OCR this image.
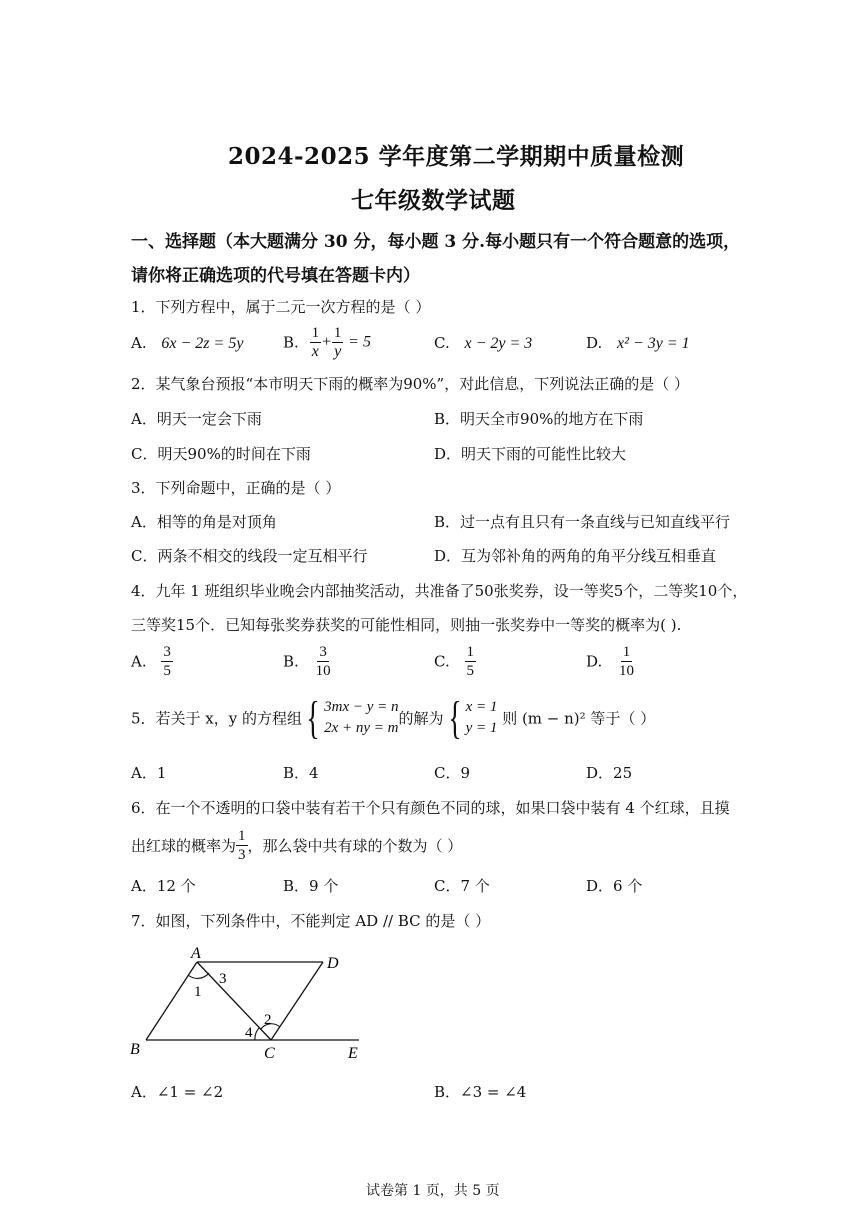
2024-2025 学年度第二学期期中质量检测
七年级数学试题
一、选择题（本大题满分 30 分，每小题 3 分.每小题只有一个符合题意的选项，
请你将正确选项的代号填在答题卡内）
1．下列方程中，属于二元一次方程的是（ ）
A. 6x − 2z = 5y	B. $\frac{1}{x} + \frac{1}{y} = 5$	C. x − 2y = 3	D. x² − 3y = 1
2．某气象台预报“本市明天下雨的概率为90%”，对此信息，下列说法正确的是（ ）
A．明天一定会下雨	B．明天全市90%的地方在下雨
C．明天90%的时间在下雨	D．明天下雨的可能性比较大
3．下列命题中，正确的是（ ）
A．相等的角是对顶角	B．过一点有且只有一条直线与已知直线平行
C．两条不相交的线段一定互相平行	D．互为邻补角的两角的角平分线互相垂直
4．九年 1 班组织毕业晚会内部抽奖活动，共准备了50张奖券，设一等奖5个，二等奖10个，
三等奖15个．已知每张奖券获奖的可能性相同，则抽一张奖券中一等奖的概率为( ).
A. $\frac{3}{5}$	B. $\frac{3}{10}$	C. $\frac{1}{5}$	D. $\frac{1}{10}$
5．若关于 x，y 的方程组{ 3mx − y = n
2x + ny = m
的解为{ x = 1
y = 1
则 (m − n)² 等于（ ）
A．1	B．4	C．9	D．25
6．在一个不透明的口袋中装有若干个只有颜色不同的球，如果口袋中装有 4 个红球，且摸
出红球的概率为 $\frac{1}{3}$ ，那么袋中共有球的个数为（ ）
A．12 个	B．9 个	C．7 个	D．6 个
7．如图，下列条件中，不能判定 AD // BC 的是（ ）
A
D
B	C	E
1
3
4
2
A．∠1 = ∠2	B．∠3 = ∠4
试卷第 1 页，共 5 页
